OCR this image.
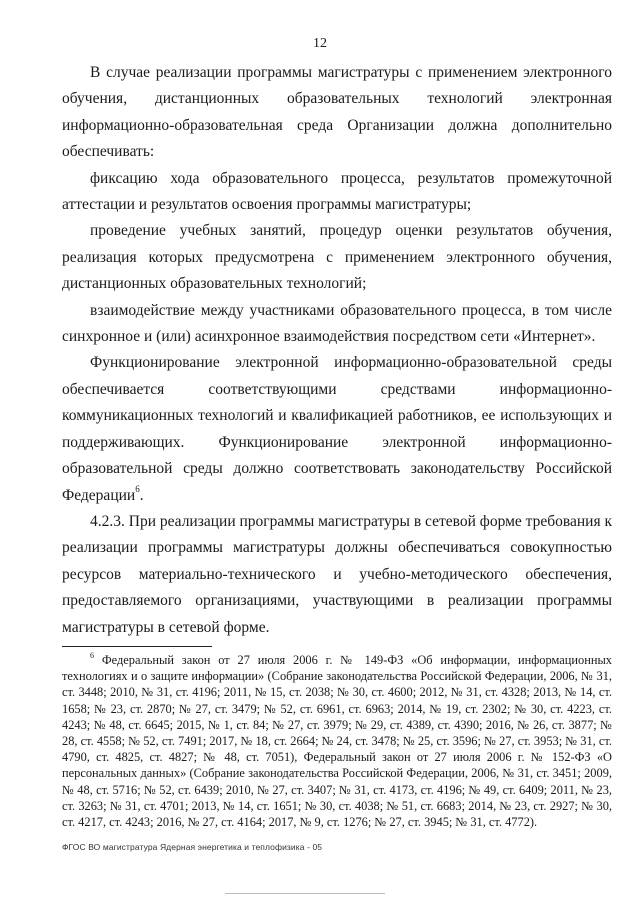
12

В случае реализации программы магистратуры с применением электронного обучения, дистанционных образовательных технологий электронная информационно-образовательная среда Организации должна дополнительно обеспечивать:

фиксацию хода образовательного процесса, результатов промежуточной аттестации и результатов освоения программы магистратуры;

проведение учебных занятий, процедур оценки результатов обучения, реализация которых предусмотрена с применением электронного обучения, дистанционных образовательных технологий;

взаимодействие между участниками образовательного процесса, в том числе синхронное и (или) асинхронное взаимодействия посредством сети «Интернет».

Функционирование электронной информационно-образовательной среды обеспечивается соответствующими средствами информационно-коммуникационных технологий и квалификацией работников, ее использующих и поддерживающих. Функционирование электронной информационно-образовательной среды должно соответствовать законодательству Российской Федерации$^6$.

4.2.3. При реализации программы магистратуры в сетевой форме требования к реализации программы магистратуры должны обеспечиваться совокупностью ресурсов материально-технического и учебно-методического обеспечения, предоставляемого организациями, участвующими в реализации программы магистратуры в сетевой форме.

$^6$ Федеральный закон от 27 июля 2006 г. № 149-ФЗ «Об информации, информационных технологиях и о защите информации» (Собрание законодательства Российской Федерации, 2006, № 31, ст. 3448; 2010, № 31, ст. 4196; 2011, № 15, ст. 2038; № 30, ст. 4600; 2012, № 31, ст. 4328; 2013, № 14, ст. 1658; № 23, ст. 2870; № 27, ст. 3479; № 52, ст. 6961, ст. 6963; 2014, № 19, ст. 2302; № 30, ст. 4223, ст. 4243; № 48, ст. 6645; 2015, № 1, ст. 84; № 27, ст. 3979; № 29, ст. 4389, ст. 4390; 2016, № 26, ст. 3877; № 28, ст. 4558; № 52, ст. 7491; 2017, № 18, ст. 2664; № 24, ст. 3478; № 25, ст. 3596; № 27, ст. 3953; № 31, ст. 4790, ст. 4825, ст. 4827; № 48, ст. 7051), Федеральный закон от 27 июля 2006 г. № 152-ФЗ «О персональных данных» (Собрание законодательства Российской Федерации, 2006, № 31, ст. 3451; 2009, № 48, ст. 5716; № 52, ст. 6439; 2010, № 27, ст. 3407; № 31, ст. 4173, ст. 4196; № 49, ст. 6409; 2011, № 23, ст. 3263; № 31, ст. 4701; 2013, № 14, ст. 1651; № 30, ст. 4038; № 51, ст. 6683; 2014, № 23, ст. 2927; № 30, ст. 4217, ст. 4243; 2016, № 27, ст. 4164; 2017, № 9, ст. 1276; № 27, ст. 3945; № 31, ст. 4772).
ФГОС ВО магистратура Ядерная энергетика и теплофизика - 05
